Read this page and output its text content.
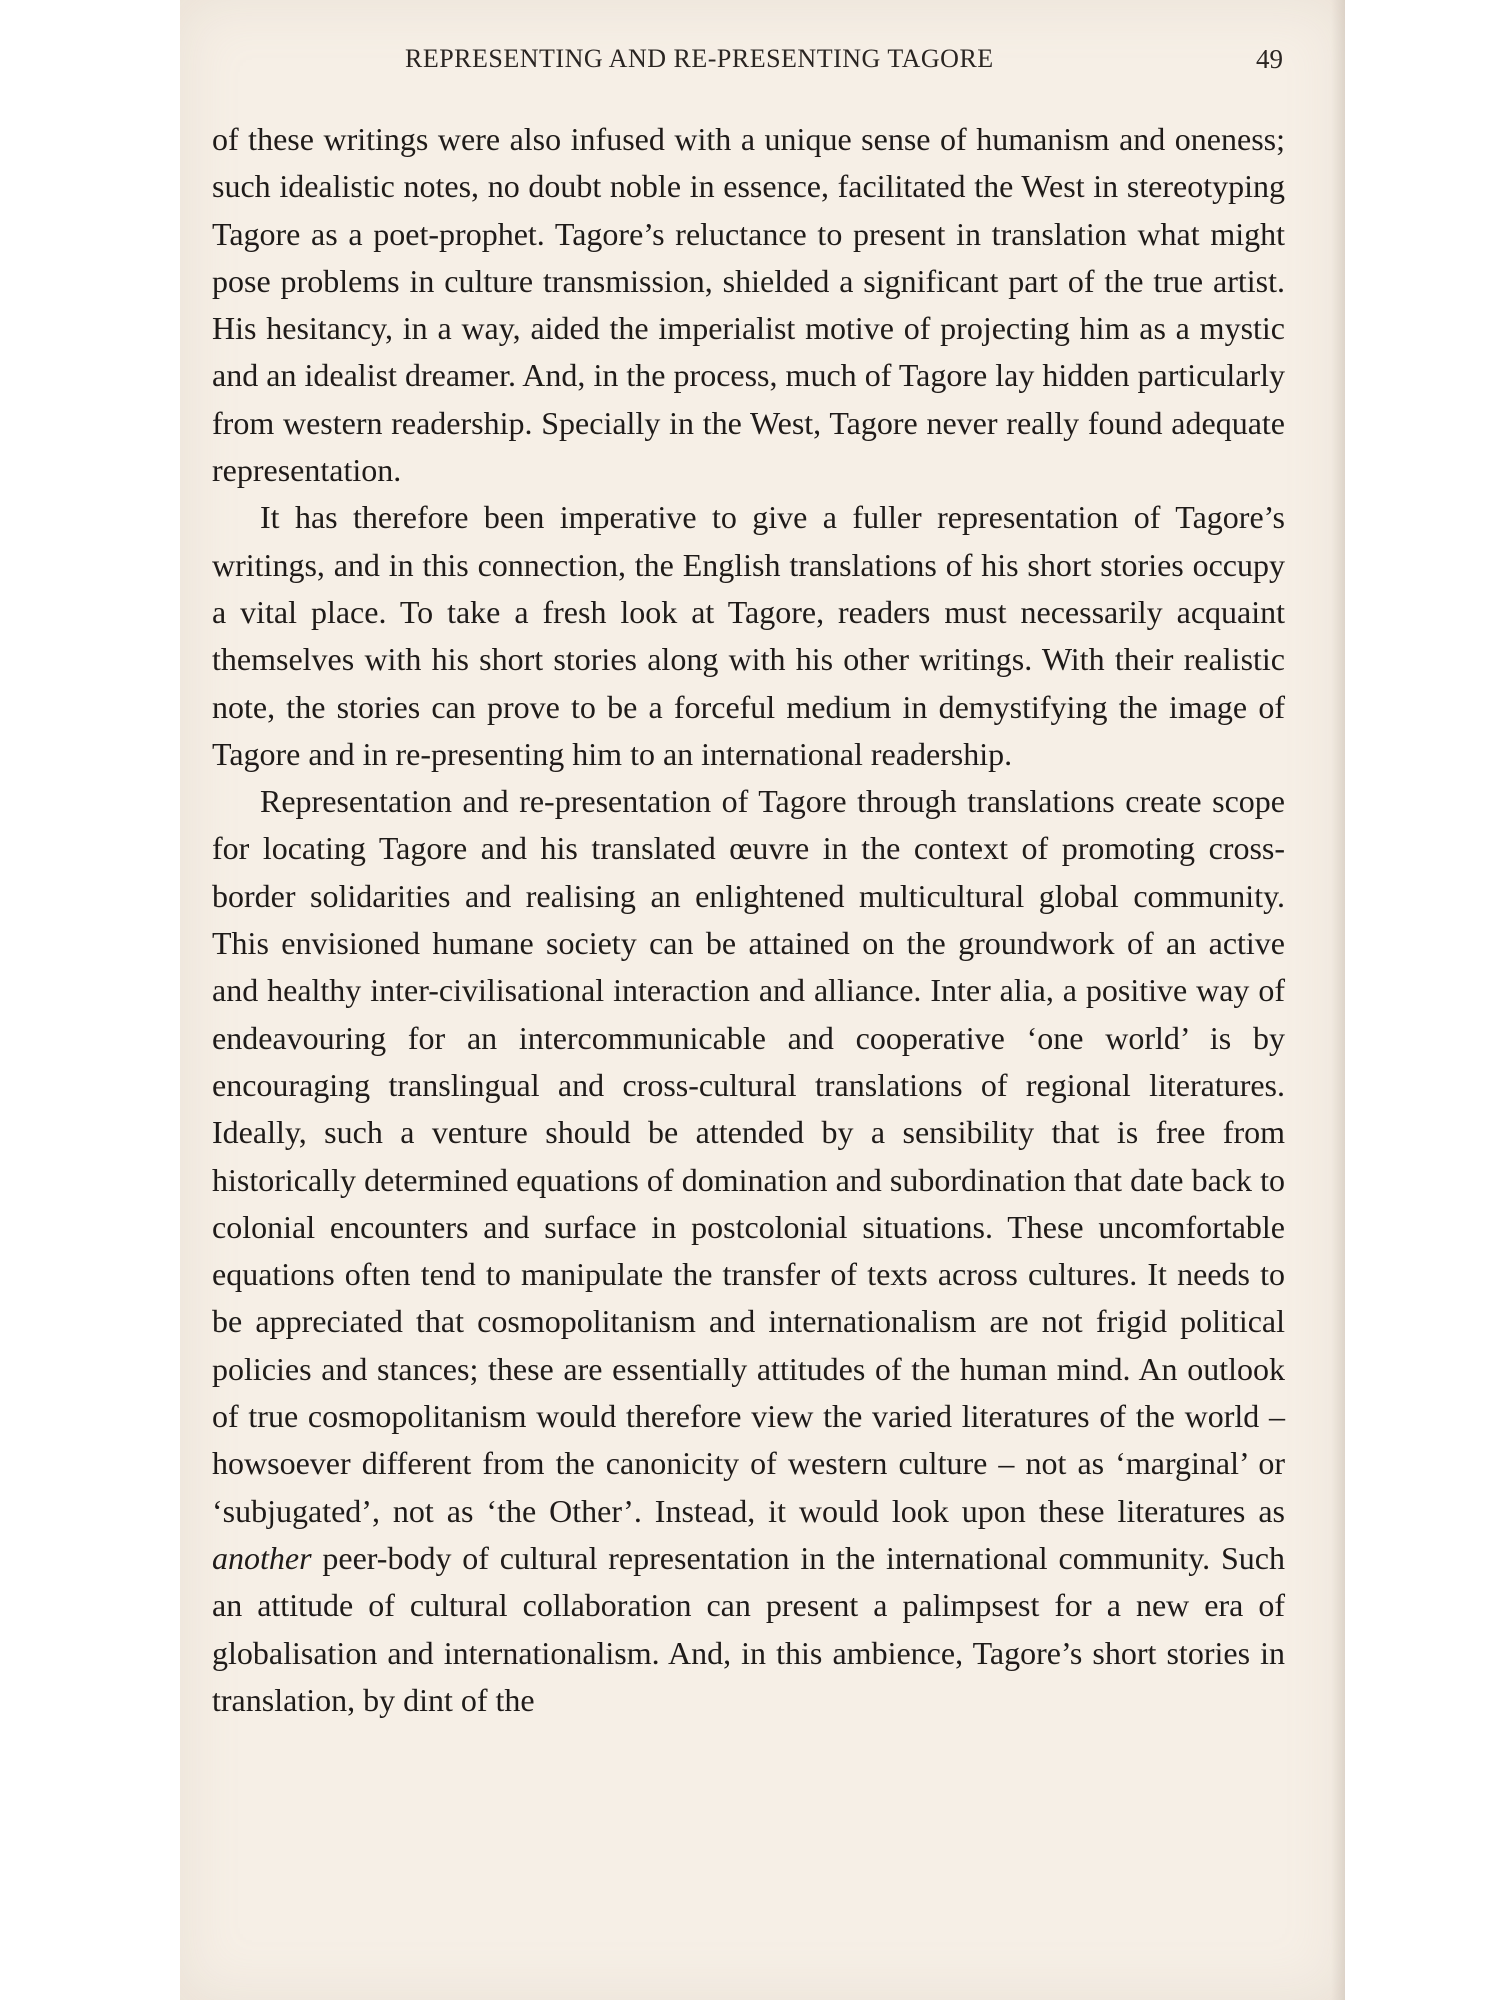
REPRESENTING AND RE-PRESENTING TAGORE	49

of these writings were also infused with a unique sense of humanism and oneness; such idealistic notes, no doubt noble in essence, facilitated the West in stereotyping Tagore as a poet-prophet. Tagore’s reluctance to present in translation what might pose problems in culture transmission, shielded a significant part of the true artist. His hesitancy, in a way, aided the imperialist motive of projecting him as a mystic and an idealist dreamer. And, in the process, much of Tagore lay hidden particularly from western readership. Specially in the West, Tagore never really found adequate representation.

It has therefore been imperative to give a fuller representation of Tagore’s writings, and in this connection, the English translations of his short stories occupy a vital place. To take a fresh look at Tagore, readers must necessarily acquaint themselves with his short stories along with his other writings. With their realistic note, the stories can prove to be a forceful medium in demystifying the image of Tagore and in re-presenting him to an international readership.

Representation and re-presentation of Tagore through translations create scope for locating Tagore and his translated œuvre in the context of promoting cross-border solidarities and realising an enlightened multicultural global community. This envisioned humane society can be attained on the groundwork of an active and healthy inter-civilisational interaction and alliance. Inter alia, a positive way of endeavouring for an intercommunicable and cooperative ‘one world’ is by encouraging translingual and cross-cultural translations of regional literatures. Ideally, such a venture should be attended by a sensibility that is free from historically determined equations of domination and subordination that date back to colonial encounters and surface in postcolonial situations. These uncomfortable equations often tend to manipulate the transfer of texts across cultures. It needs to be appreciated that cosmopolitanism and internationalism are not frigid political policies and stances; these are essentially attitudes of the human mind. An outlook of true cosmopolitanism would therefore view the varied literatures of the world – howsoever different from the canonicity of western culture – not as ‘marginal’ or ‘subjugated’, not as ‘the Other’. Instead, it would look upon these literatures as another peer-body of cultural representation in the international community. Such an attitude of cultural collaboration can present a palimpsest for a new era of globalisation and internationalism. And, in this ambience, Tagore’s short stories in translation, by dint of the
